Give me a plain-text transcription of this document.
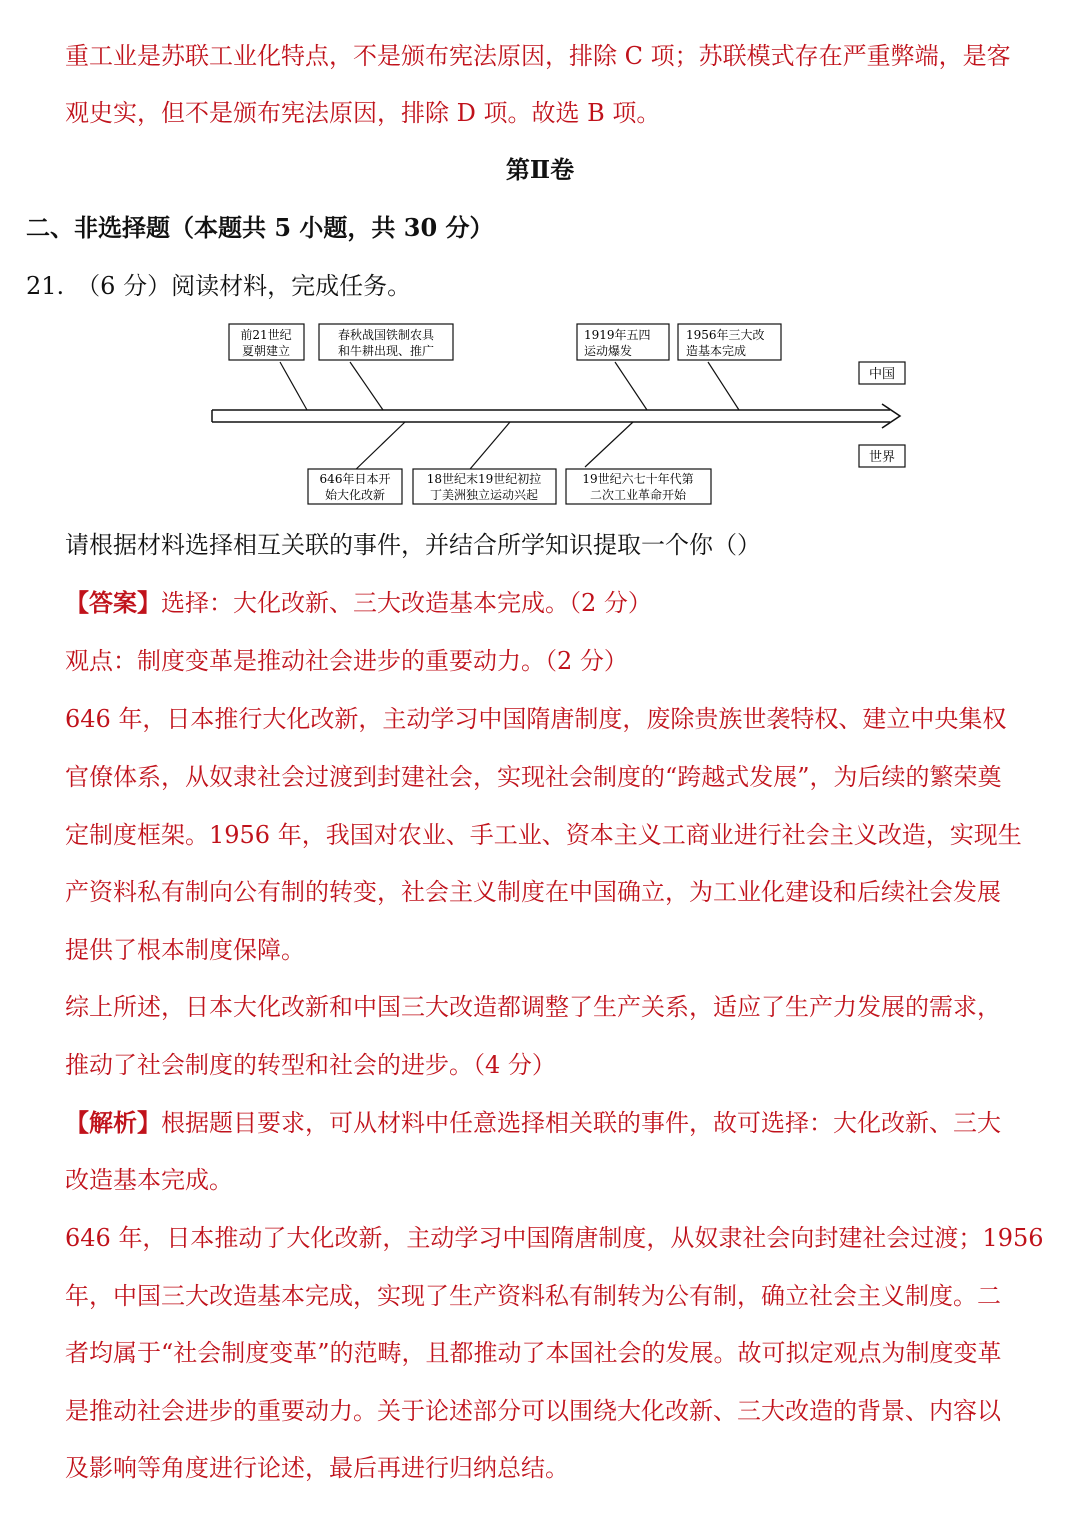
重工业是苏联工业化特点，不是颁布宪法原因，排除 C 项；苏联模式存在严重弊端，是客
观史实，但不是颁布宪法原因，排除 D 项。故选 B 项。
第Ⅱ卷
二、非选择题（本题共 5 小题，共 30 分）
21.　（6 分）阅读材料，完成任务。
中国
世界
前21世纪
夏朝建立
春秋战国铁制农具
和牛耕出现、推广
1919年五四
运动爆发
1956年三大改
造基本完成
646年日本开
始大化改新
18世纪末19世纪初拉
丁美洲独立运动兴起
19世纪六七十年代第
二次工业革命开始
请根据材料选择相互关联的事件，并结合所学知识提取一个你（）
【答案】选择：大化改新、三大改造基本完成。（2 分）
观点：制度变革是推动社会进步的重要动力。（2 分）
646 年，日本推行大化改新，主动学习中国隋唐制度，废除贵族世袭特权、建立中央集权
官僚体系，从奴隶社会过渡到封建社会，实现社会制度的“跨越式发展”，为后续的繁荣奠
定制度框架。1956 年，我国对农业、手工业、资本主义工商业进行社会主义改造，实现生
产资料私有制向公有制的转变，社会主义制度在中国确立，为工业化建设和后续社会发展
提供了根本制度保障。
综上所述，日本大化改新和中国三大改造都调整了生产关系，适应了生产力发展的需求，
推动了社会制度的转型和社会的进步。（4 分）
【解析】根据题目要求，可从材料中任意选择相关联的事件，故可选择：大化改新、三大
改造基本完成。
646 年，日本推动了大化改新，主动学习中国隋唐制度，从奴隶社会向封建社会过渡；1956
年，中国三大改造基本完成，实现了生产资料私有制转为公有制，确立社会主义制度。二
者均属于“社会制度变革”的范畴，且都推动了本国社会的发展。故可拟定观点为制度变革
是推动社会进步的重要动力。关于论述部分可以围绕大化改新、三大改造的背景、内容以
及影响等角度进行论述，最后再进行归纳总结。
